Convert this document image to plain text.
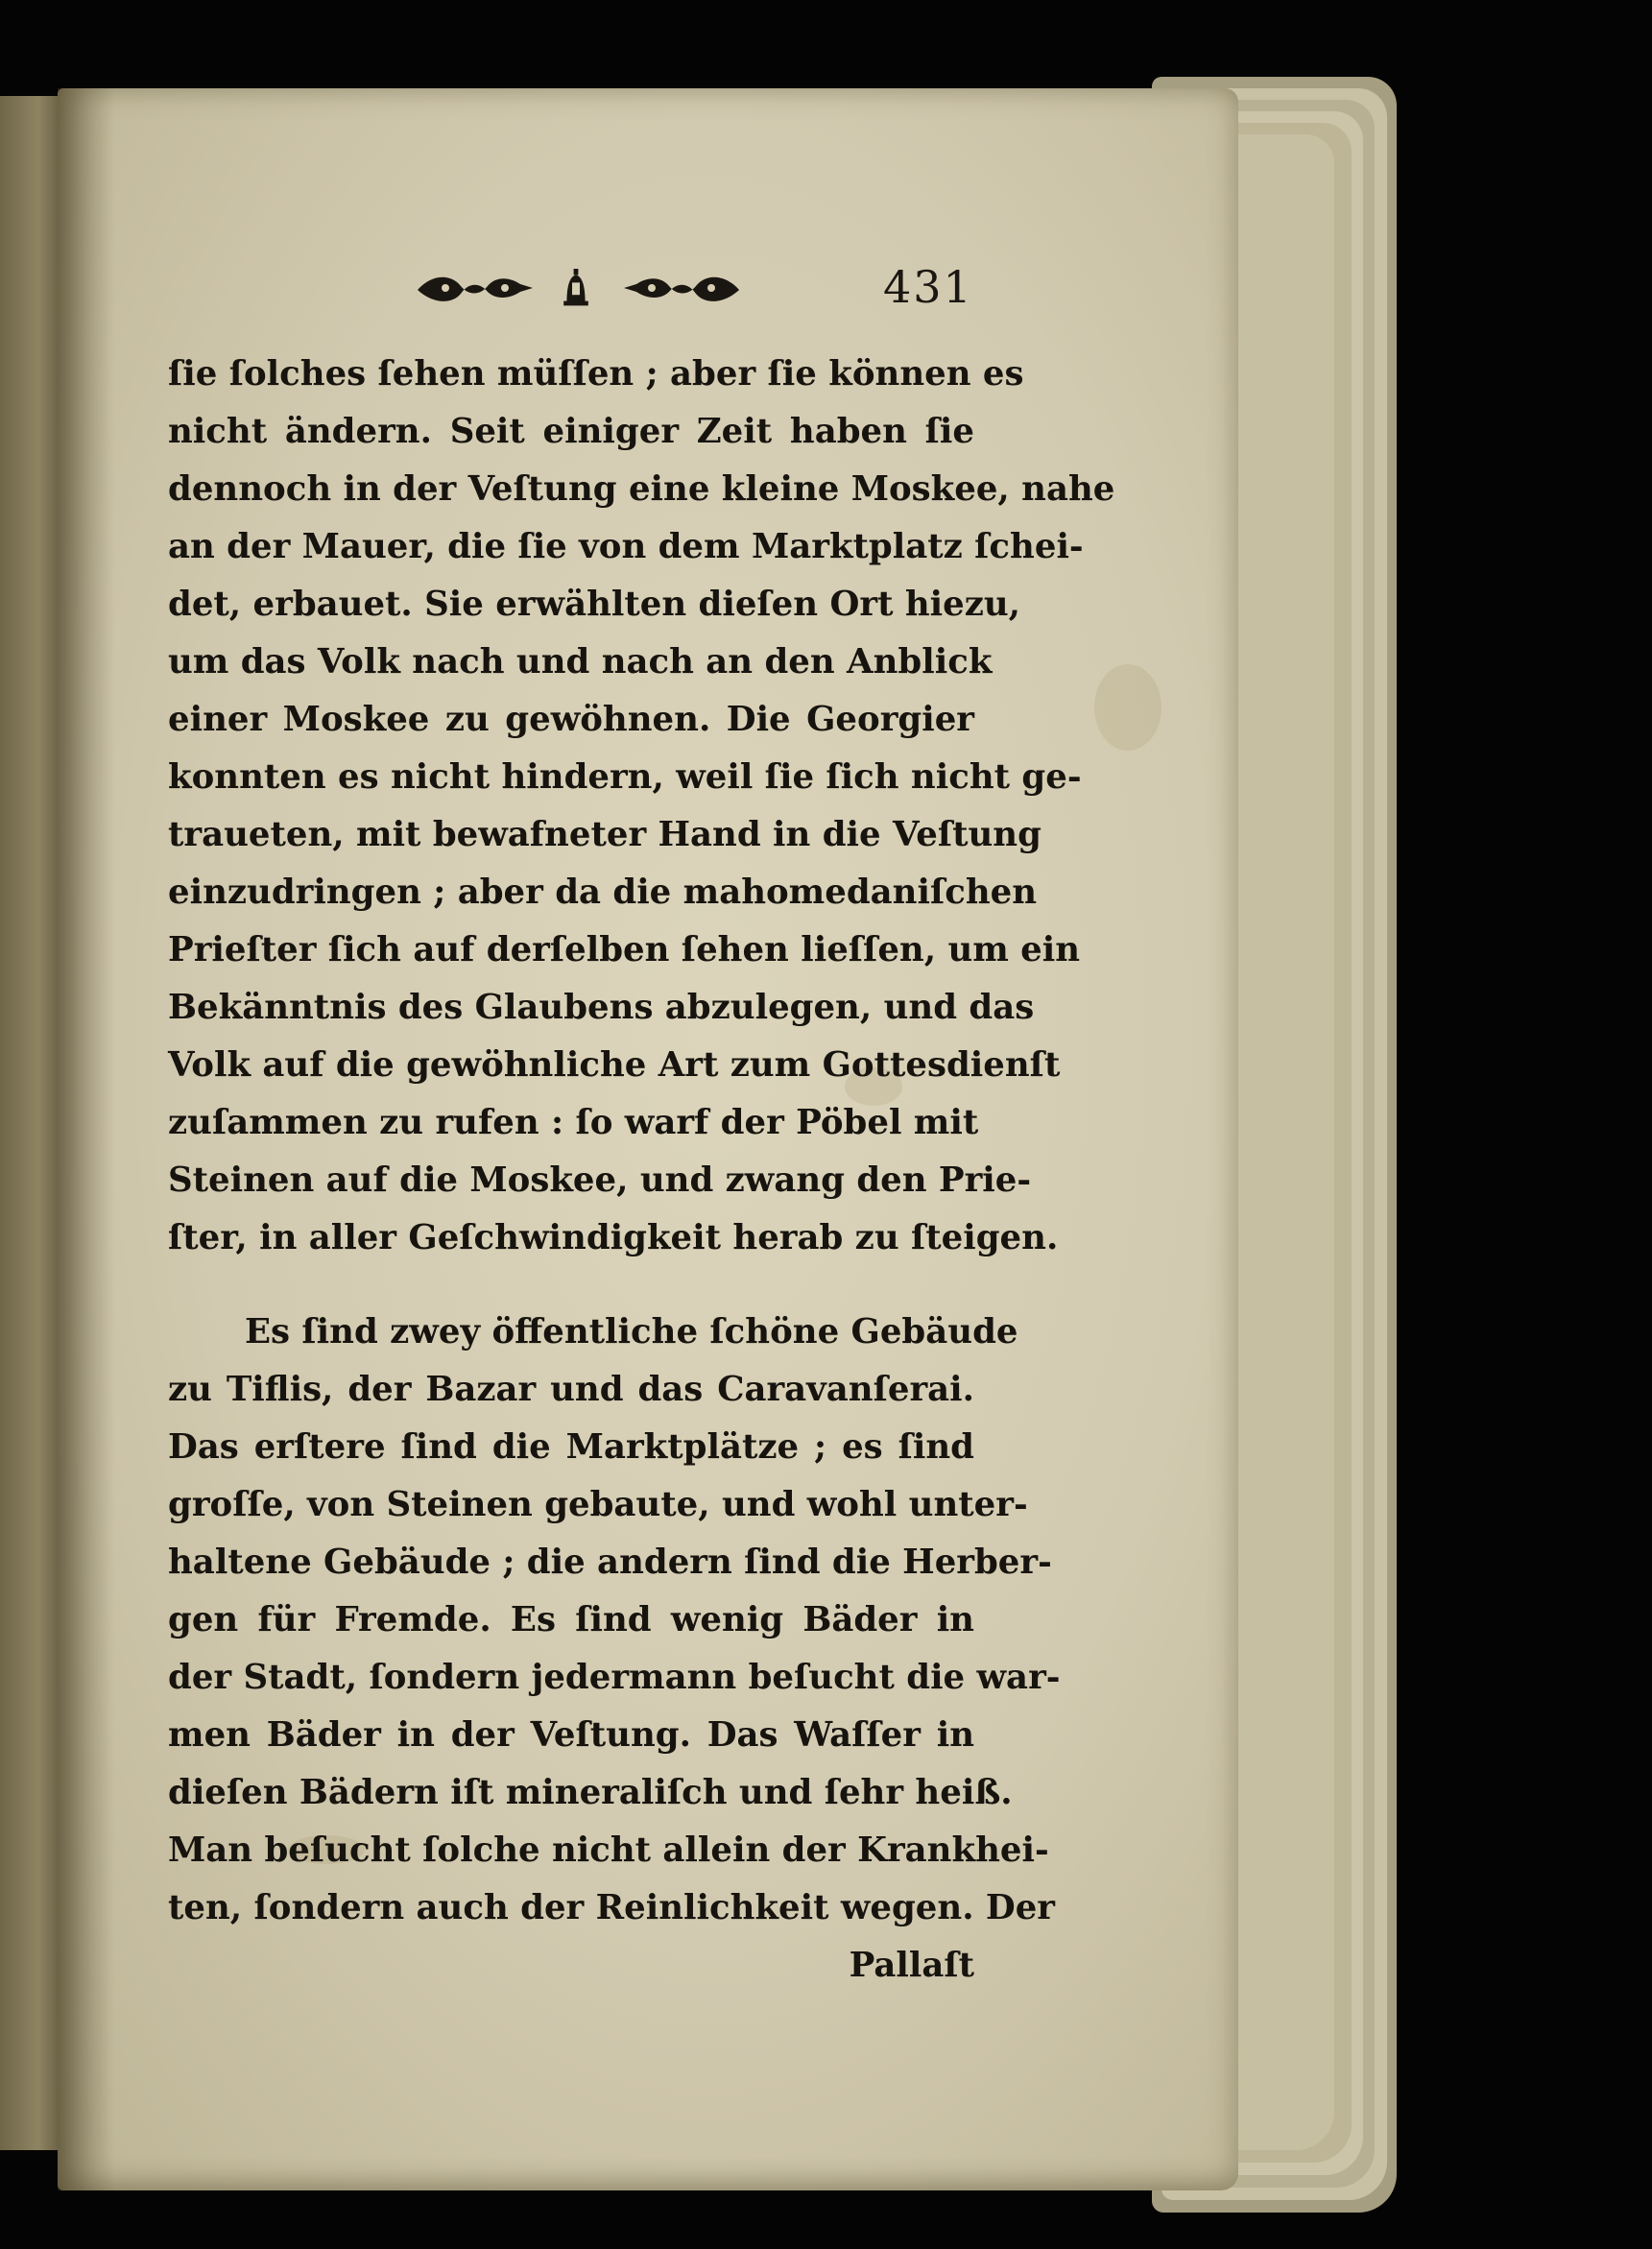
431
ſie ſolches ſehen müſſen ; aber ſie können es
nicht ändern. Seit einiger Zeit haben ſie
dennoch in der Veſtung eine kleine Moskee, nahe
an der Mauer, die ſie von dem Marktplatz ſchei-
det, erbauet. Sie erwählten dieſen Ort hiezu,
um das Volk nach und nach an den Anblick
einer Moskee zu gewöhnen. Die Georgier
konnten es nicht hindern, weil ſie ſich nicht ge-
traueten, mit bewafneter Hand in die Veſtung
einzudringen ; aber da die mahomedaniſchen
Prieſter ſich auf derſelben ſehen lieſſen, um ein
Bekänntnis des Glaubens abzulegen, und das
Volk auf die gewöhnliche Art zum Gottesdienſt
zuſammen zu rufen : ſo warf der Pöbel mit
Steinen auf die Moskee, und zwang den Prie-
ſter, in aller Geſchwindigkeit herab zu ſteigen.
Es ſind zwey öffentliche ſchöne Gebäude
zu Tiflis, der Bazar und das Caravanſerai.
Das erſtere ſind die Marktplätze ; es ſind
groſſe, von Steinen gebaute, und wohl unter-
haltene Gebäude ; die andern ſind die Herber-
gen für Fremde. Es ſind wenig Bäder in
der Stadt, ſondern jedermann beſucht die war-
men Bäder in der Veſtung. Das Waſſer in
dieſen Bädern iſt mineraliſch und ſehr heiß.
Man beſucht ſolche nicht allein der Krankhei-
ten, ſondern auch der Reinlichkeit wegen. Der
Pallaſt
